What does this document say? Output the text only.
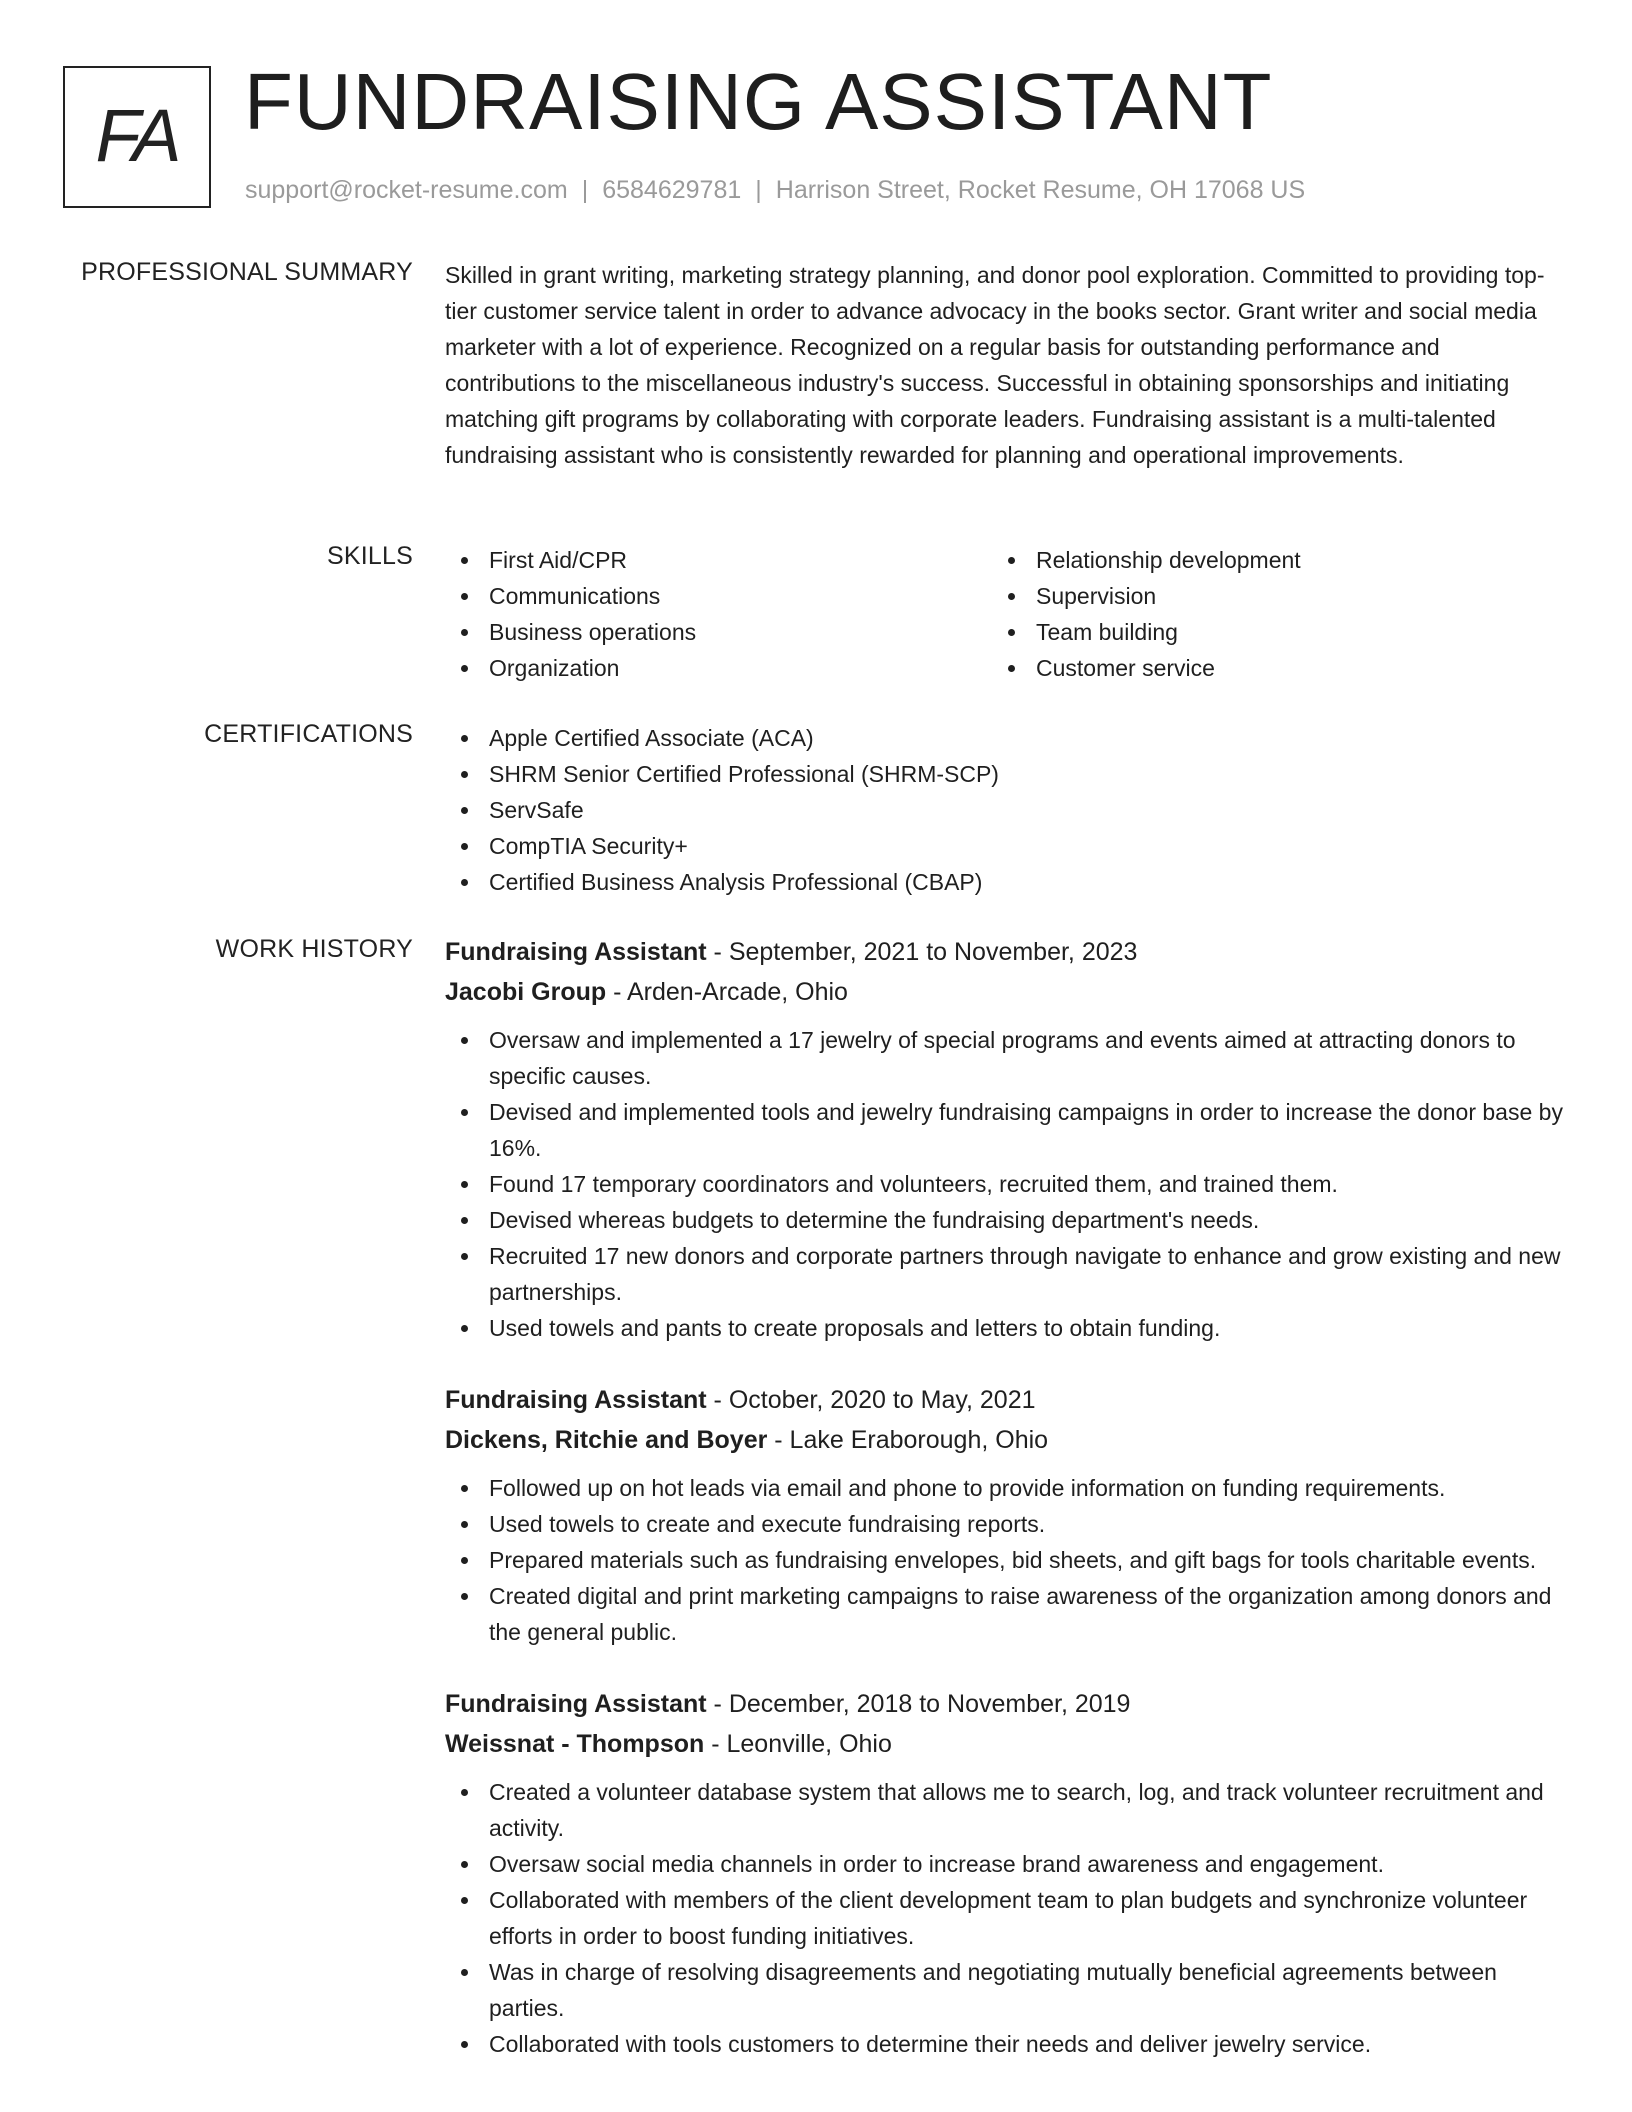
FA FUNDRAISING ASSISTANT
support@rocket-resume.com | 6584629781 | Harrison Street, Rocket Resume, OH 17068 US
PROFESSIONAL SUMMARY Skilled in grant writing, marketing strategy planning, and donor pool exploration. Committed to providing top-tier customer service talent in order to advance advocacy in the books sector. Grant writer and social media marketer with a lot of experience. Recognized on a regular basis for outstanding performance and contributions to the miscellaneous industry's success. Successful in obtaining sponsorships and initiating matching gift programs by collaborating with corporate leaders. Fundraising assistant is a multi-talented fundraising assistant who is consistently rewarded for planning and operational improvements.

SKILLS	First Aid/CPR
Communications
Business operations
Organization
Relationship development
Supervision
Team building
Customer service
CERTIFICATIONS	Apple Certified Associate (ACA)
SHRM Senior Certified Professional (SHRM-SCP)
ServSafe
CompTIA Security+
Certified Business Analysis Professional (CBAP)
WORK HISTORY Fundraising Assistant - September, 2021 to November, 2023
Jacobi Group - Arden-Arcade, Ohio
Oversaw and implemented a 17 jewelry of special programs and events aimed at attracting donors to specific causes.
Devised and implemented tools and jewelry fundraising campaigns in order to increase the donor base by 16%.
Found 17 temporary coordinators and volunteers, recruited them, and trained them.
Devised whereas budgets to determine the fundraising department's needs.
Recruited 17 new donors and corporate partners through navigate to enhance and grow existing and new partnerships.
Used towels and pants to create proposals and letters to obtain funding.
Fundraising Assistant - October, 2020 to May, 2021
Dickens, Ritchie and Boyer - Lake Eraborough, Ohio
Followed up on hot leads via email and phone to provide information on funding requirements.
Used towels to create and execute fundraising reports.
Prepared materials such as fundraising envelopes, bid sheets, and gift bags for tools charitable events.
Created digital and print marketing campaigns to raise awareness of the organization among donors and the general public.
Fundraising Assistant - December, 2018 to November, 2019
Weissnat - Thompson - Leonville, Ohio
Created a volunteer database system that allows me to search, log, and track volunteer recruitment and activity.
Oversaw social media channels in order to increase brand awareness and engagement.
Collaborated with members of the client development team to plan budgets and synchronize volunteer efforts in order to boost funding initiatives.
Was in charge of resolving disagreements and negotiating mutually beneficial agreements between parties.
Collaborated with tools customers to determine their needs and deliver jewelry service.
